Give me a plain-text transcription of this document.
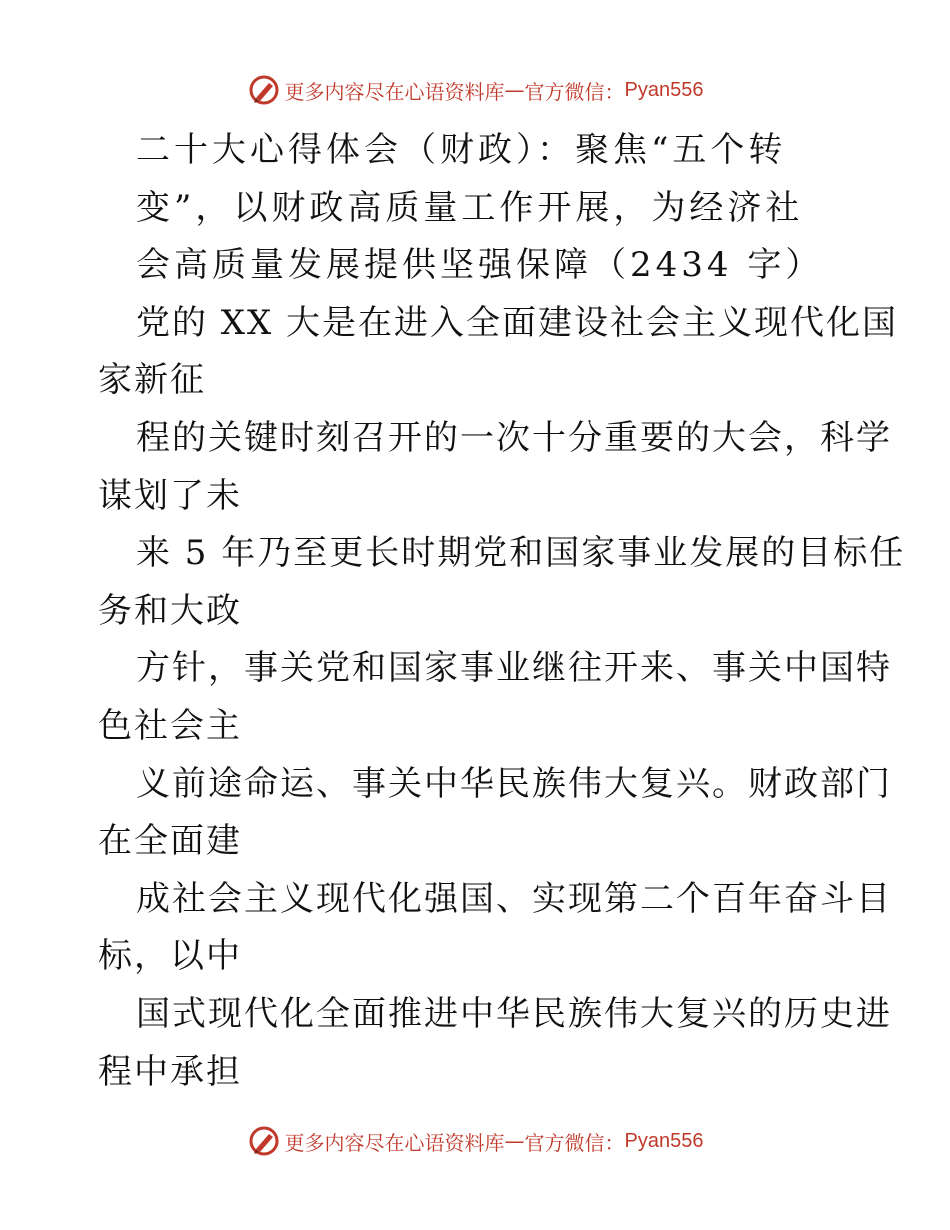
更多内容尽在心语资料库 — 官方微信： Pyan556
二十大心得体会（财政）：聚焦“五个转
变”，以财政高质量工作开展，为经济社
会高质量发展提供坚强保障（2434 字）
党的 XX 大是在进入全面建设社会主义现代化国
家新征
程的关键时刻召开的一次十分重要的大会，科学
谋划了未
来 5 年乃至更长时期党和国家事业发展的目标任
务和大政
方针，事关党和国家事业继往开来、事关中国特
色社会主
义前途命运、事关中华民族伟大复兴。财政部门
在全面建
成社会主义现代化强国、实现第二个百年奋斗目
标，以中
国式现代化全面推进中华民族伟大复兴的历史进
程中承担
更多内容尽在心语资料库 — 官方微信： Pyan556
